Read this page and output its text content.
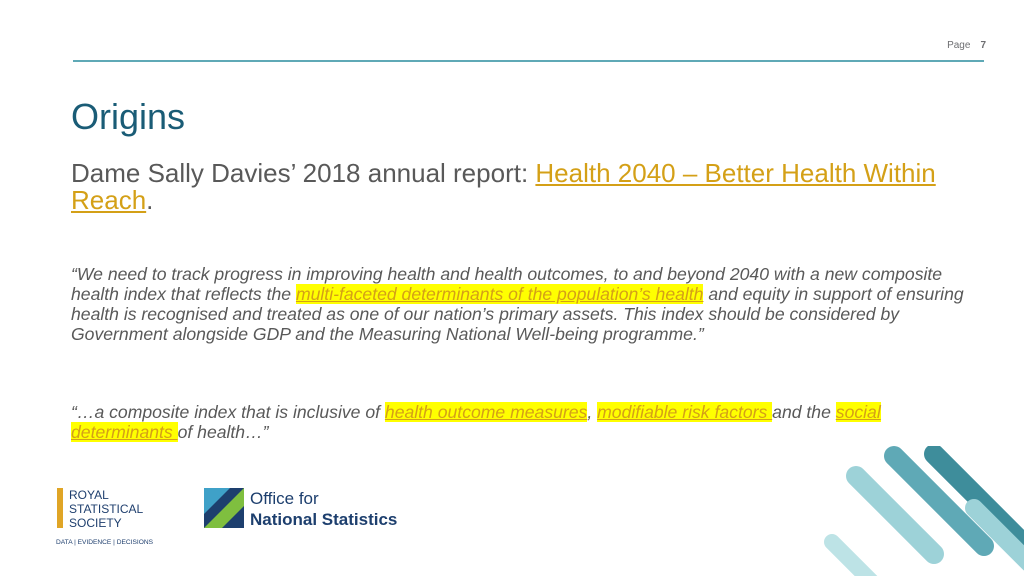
Page 7
Origins
Dame Sally Davies’ 2018 annual report: Health 2040 – Better Health Within Reach.
“We need to track progress in improving health and health outcomes, to and beyond 2040 with a new composite health index that reflects the multi-faceted determinants of the population’s health and equity in support of ensuring health is recognised and treated as one of our nation’s primary assets. This index should be considered by Government alongside GDP and the Measuring National Well-being programme.”
“…a composite index that is inclusive of health outcome measures, modifiable risk factors and the social determinants of health…”
ROYAL
STATISTICAL
SOCIETY
DATA | EVIDENCE | DECISIONS
Office for
National Statistics
